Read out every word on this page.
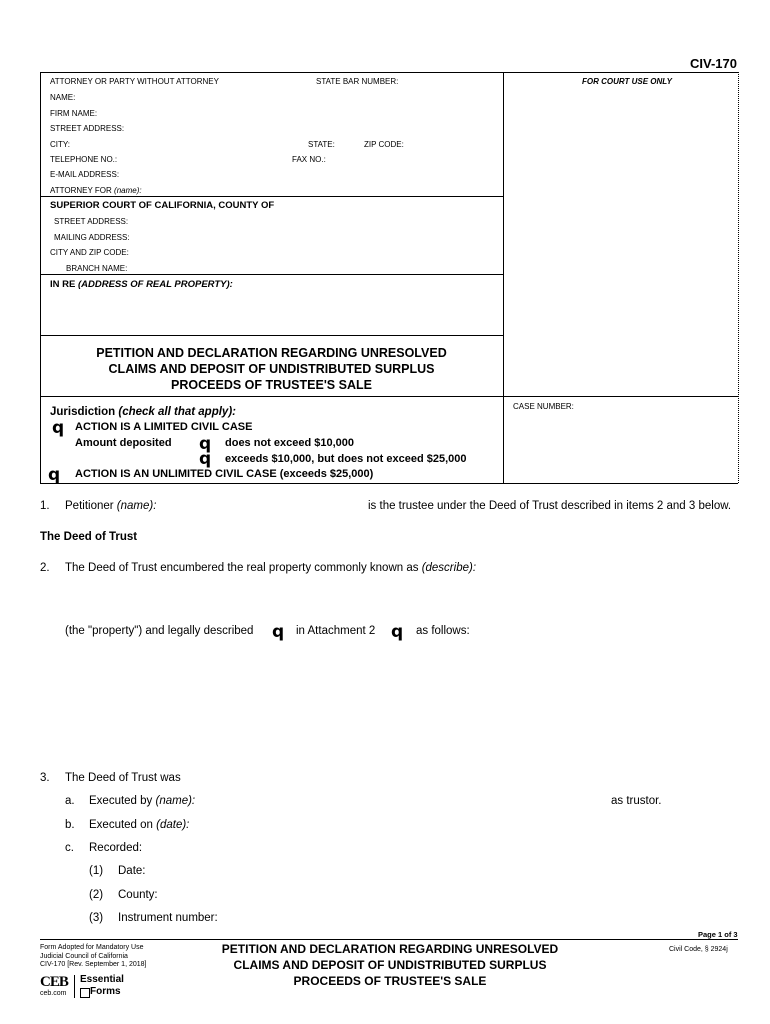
CIV-170
ATTORNEY OR PARTY WITHOUT ATTORNEY	STATE BAR NUMBER:	FOR COURT USE ONLY
NAME:
FIRM NAME:
STREET ADDRESS:
CITY:	STATE:	ZIP CODE:
TELEPHONE NO.:	FAX NO.:
E-MAIL ADDRESS:
ATTORNEY FOR (name):
SUPERIOR COURT OF CALIFORNIA, COUNTY OF
STREET ADDRESS:
MAILING ADDRESS:
CITY AND ZIP CODE:
BRANCH NAME:
IN RE (ADDRESS OF REAL PROPERTY):
PETITION AND DECLARATION REGARDING UNRESOLVED
CLAIMS AND DEPOSIT OF UNDISTRIBUTED SURPLUS
PROCEEDS OF TRUSTEE'S SALE
CASE NUMBER:
Jurisdiction (check all that apply):
q ACTION IS A LIMITED CIVIL CASE
Amount deposited q does not exceed $10,000
q exceeds $10,000, but does not exceed $25,000
q ACTION IS AN UNLIMITED CIVIL CASE (exceeds $25,000)
1. Petitioner (name):	is the trustee under the Deed of Trust described in items 2 and 3 below.
The Deed of Trust
2. The Deed of Trust encumbered the real property commonly known as (describe):
(the "property") and legally described q in Attachment 2 q as follows:
3. The Deed of Trust was
a. Executed by (name):	as trustor.
b. Executed on (date):
c. Recorded:
(1) Date:
(2) County:
(3) Instrument number:
Page 1 of 3
Form Adopted for Mandatory Use
Judicial Council of California
CIV-170 [Rev. September 1, 2018]
PETITION AND DECLARATION REGARDING UNRESOLVED
CLAIMS AND DEPOSIT OF UNDISTRIBUTED SURPLUS
PROCEEDS OF TRUSTEE'S SALE
Civil Code, § 2924j
CEB
ceb.com
Essential
Forms
